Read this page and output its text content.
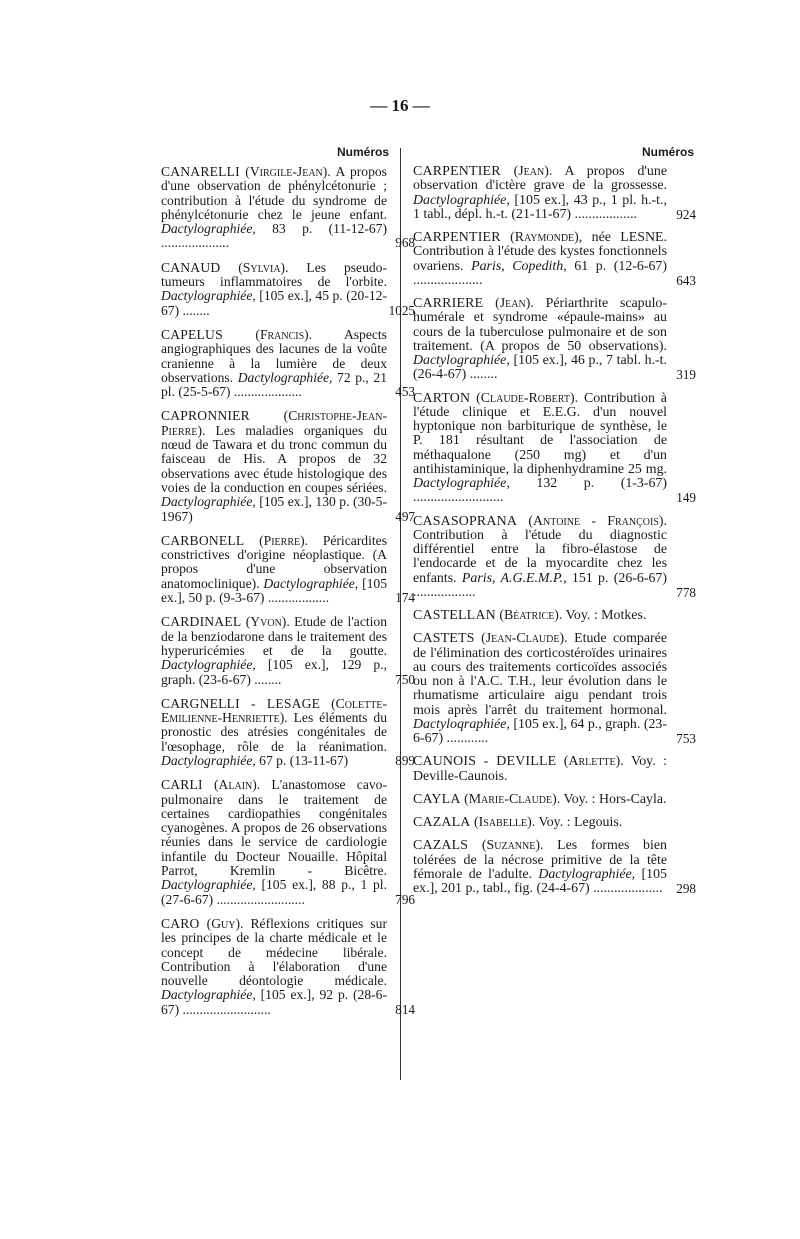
— 16 —
Numéros
CANARELLI (Virgile-Jean). A propos d'une observation de phénylcétonurie ; contribution à l'étude du syndrome de phénylcétonurie chez le jeune enfant. Dactylographiée, 83 p. (11-12-67) ....................	968
CANAUD (Sylvia). Les pseudo-tumeurs inflammatoires de l'orbite. Dactylographiée, [105 ex.], 45 p. (20-12-67) ........	1025
CAPELUS (Francis). Aspects angiographiques des lacunes de la voûte cranienne à la lumière de deux observations. Dactylographiée, 72 p., 21 pl. (25-5-67) ....................	453
CAPRONNIER (Christophe-Jean-Pierre). Les maladies organiques du nœud de Tawara et du tronc commun du faisceau de His. A propos de 32 observations avec étude histologique des voies de la conduction en coupes sériées. Dactylographiée, [105 ex.], 130 p. (30-5-1967)	497
CARBONELL (Pierre). Péricardites constrictives d'origine néoplastique. (A propos d'une observation anatomoclinique). Dactylographiée, [105 ex.], 50 p. (9-3-67) ..................	174
CARDINAEL (Yvon). Etude de l'action de la benziodarone dans le traitement des hyperuricémies et de la goutte. Dactylographiée, [105 ex.], 129 p., graph. (23-6-67) ........	750
CARGNELLI - LESAGE (Colette-Emilienne-Henriette). Les éléments du pronostic des atrésies congénitales de l'œsophage, rôle de la réanimation. Dactylographiée, 67 p. (13-11-67)	899
CARLI (Alain). L'anastomose cavo-pulmonaire dans le traitement de certaines cardiopathies congénitales cyanogènes. A propos de 26 observations réunies dans le service de cardiologie infantile du Docteur Nouaille. Hôpital Parrot, Kremlin - Bicêtre. Dactylographiée, [105 ex.], 88 p., 1 pl. (27-6-67) ..........................	796
CARO (Guy). Réflexions critiques sur les principes de la charte médicale et le concept de médecine libérale. Contribution à l'élaboration d'une nouvelle déontologie médicale. Dactylographiée, [105 ex.], 92 p. (28-6-67) ..........................	814
Numéros
CARPENTIER (Jean). A propos d'une observation d'ictère grave de la grossesse. Dactylographiée, [105 ex.], 43 p., 1 pl. h.-t., 1 tabl., dépl. h.-t. (21-11-67) ..................	924
CARPENTIER (Raymonde), née LESNE. Contribution à l'étude des kystes fonctionnels ovariens. Paris, Copedith, 61 p. (12-6-67) ....................	643
CARRIERE (Jean). Périarthrite scapulo-humérale et syndrome «épaule-mains» au cours de la tuberculose pulmonaire et de son traitement. (A propos de 50 observations). Dactylographiée, [105 ex.], 46 p., 7 tabl. h.-t. (26-4-67) ........	319
CARTON (Claude-Robert). Contribution à l'étude clinique et E.E.G. d'un nouvel hyptonique non barbiturique de synthèse, le P. 181 résultant de l'association de méthaqualone (250 mg) et d'un antihistaminique, la diphenhydramine 25 mg. Dactylographiée, 132 p. (1-3-67) ..........................	149
CASASOPRANA (Antoine - François). Contribution à l'étude du diagnostic différentiel entre la fibro-élastose de l'endocarde et de la myocardite chez les enfants. Paris, A.G.E.M.P., 151 p. (26-6-67) ..................	778
CASTELLAN (Béatrice). Voy. : Motkes.
CASTETS (Jean-Claude). Etude comparée de l'élimination des corticostéroïdes urinaires au cours des traitements corticoïdes associés ou non à l'A.C. T.H., leur évolution dans le rhumatisme articulaire aigu pendant trois mois après l'arrêt du traitement hormonal. Dactyloqraphiée, [105 ex.], 64 p., graph. (23-6-67) ............	753
CAUNOIS - DEVILLE (Arlette). Voy. : Deville-Caunois.
CAYLA (Marie-Claude). Voy. : Hors-Cayla.
CAZALA (Isabelle). Voy. : Legouis.
CAZALS (Suzanne). Les formes bien tolérées de la nécrose primitive de la tête fémorale de l'adulte. Dactylographiée, [105 ex.], 201 p., tabl., fig. (24-4-67) .................... 298
